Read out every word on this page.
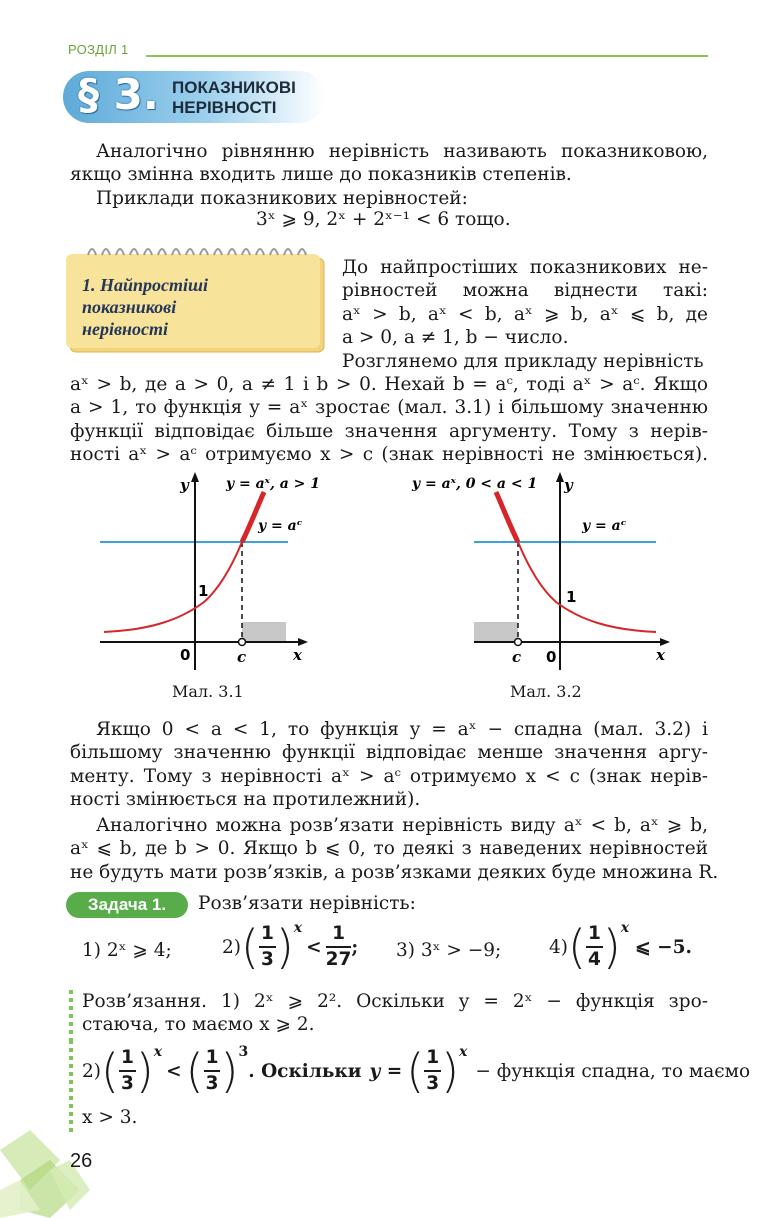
РОЗДІЛ 1
§ 3. ПОКАЗНИКОВІ
НЕРІВНОСТІ
Аналогічно рівнянню нерівність називають показниковою,
якщо змінна входить лише до показників степенів.
Приклади показникових нерівностей:
3ˣ ⩾ 9, 2ˣ + 2ˣ⁻¹ < 6 тощо.
1. Найпростіші
показникові
нерівності
До найпростіших показникових не-
рівностей можна віднести такі:
aˣ > b, aˣ < b, aˣ ⩾ b, aˣ ⩽ b, де
a > 0, a ≠ 1, b − число.
Розглянемо для прикладу нерівність
aˣ > b, де a > 0, a ≠ 1 і b > 0. Нехай b = aᶜ, тоді aˣ > aᶜ. Якщо
a > 1, то функція y = aˣ зростає (мал. 3.1) і більшому значенню
функції відповідає більше значення аргументу. Тому з нерів-
ності aˣ > aᶜ отримуємо x > c (знак нерівності не змінюється).
y
x
0
1
c
y = aˣ, a > 1
y = aᶜ
Мал. 3.1
y
x
0
1
c
y = aˣ, 0 < a < 1
y = aᶜ
Мал. 3.2
Якщо 0 < a < 1, то функція y = aˣ − спадна (мал. 3.2) і
більшому значенню функції відповідає менше значення аргу-
менту. Тому з нерівності aˣ > aᶜ отримуємо x < c (знак нерів-
ності змінюється на протилежний).
Аналогічно можна розв’язати нерівність виду aˣ < b, aˣ ⩾ b,
aˣ ⩽ b, де b > 0. Якщо b ⩽ 0, то деякі з наведених нерівностей
не будуть мати розв’язків, а розв’язками деяких буде множина R.
Задача 1.	Розв’язати нерівність:
1) 2ˣ ⩾ 4;	2) ( $\frac{1}{3}$ ) x
< $\frac{1}{27}$ ; 3) 3ˣ > −9;	4) ( $\frac{1}{4}$ ) x
⩽ −5.
Розв’язання. 1) 2ˣ ⩾ 2². Оскільки y = 2ˣ − функція зро-
стаюча, то маємо x ⩾ 2.
2) ( $\frac{1}{3}$ ) x
< ( $\frac{1}{3}$ ) 3
. Оскільки y = ( $\frac{1}{3}$ ) x
− функція спадна, то маємо
x > 3.
26
